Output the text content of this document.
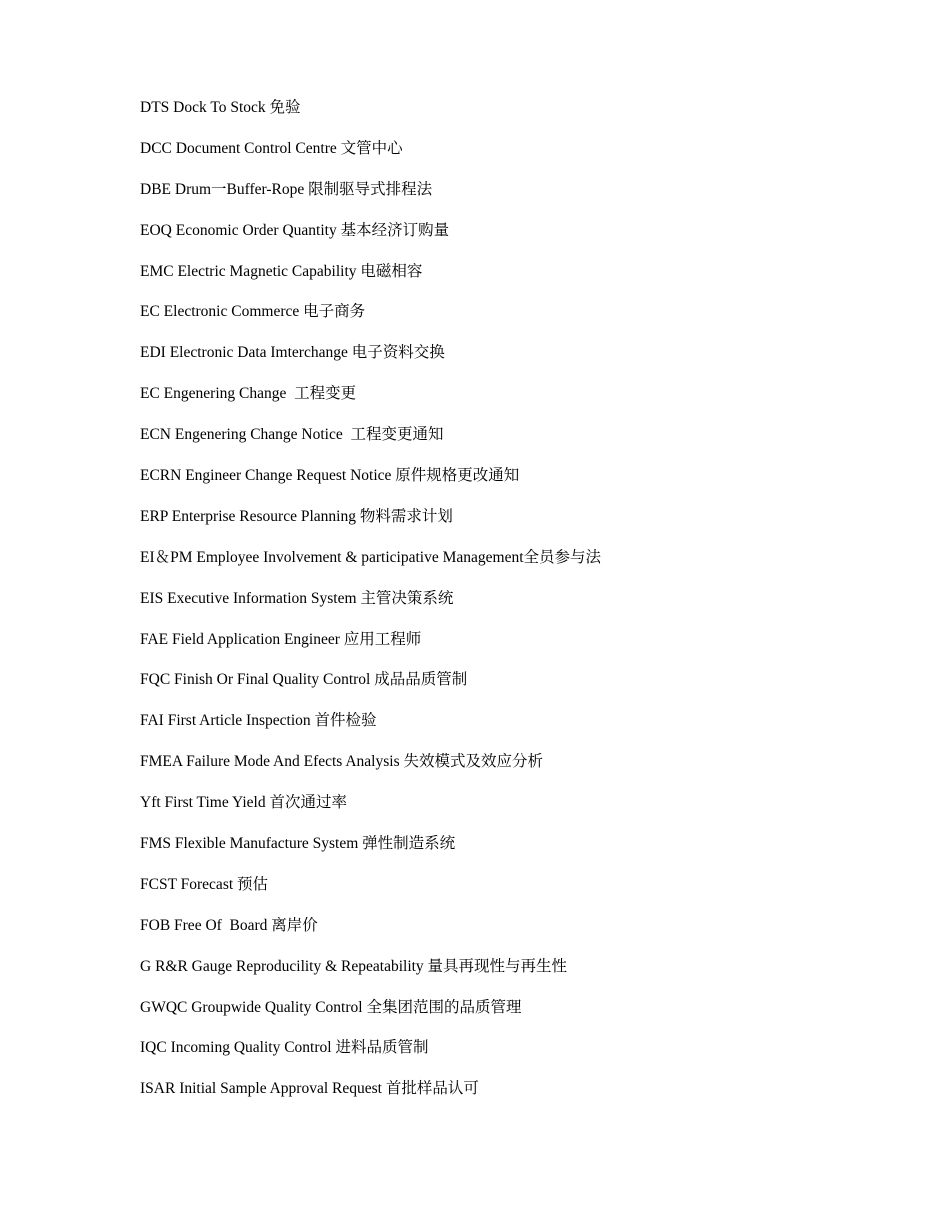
DTS Dock To Stock 免验
DCC Document Control Centre 文管中心
DBE Drum一Buffer-Rope 限制驱导式排程法
EOQ Economic Order Quantity 基本经济订购量
EMC Electric Magnetic Capability 电磁相容
EC Electronic Commerce 电子商务
EDI Electronic Data Imterchange 电子资料交换
EC Engenering Change  工程变更
ECN Engenering Change Notice  工程变更通知
ECRN Engineer Change Request Notice 原件规格更改通知
ERP Enterprise Resource Planning 物料需求计划
EI＆PM Employee Involvement & participative Management全员参与法
EIS Executive Information System 主管决策系统
FAE Field Application Engineer 应用工程师
FQC Finish Or Final Quality Control 成品品质管制
FAI First Article Inspection 首件检验
FMEA Failure Mode And Efects Analysis 失效模式及效应分析
Yft First Time Yield 首次通过率
FMS Flexible Manufacture System 弹性制造系统
FCST Forecast 预估
FOB Free Of  Board 离岸价
G R&R Gauge Reproducility & Repeatability 量具再现性与再生性
GWQC Groupwide Quality Control 全集团范围的品质管理
IQC Incoming Quality Control 进料品质管制
ISAR Initial Sample Approval Request 首批样品认可
